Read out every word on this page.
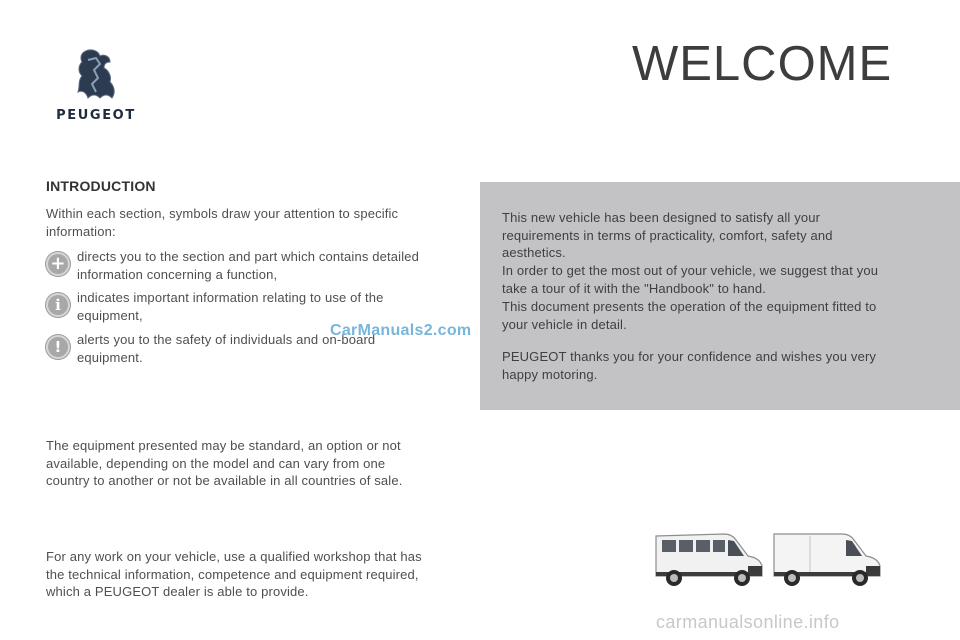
PEUGEOT
WELCOME
INTRODUCTION
Within each section, symbols draw your attention to specific
information:
+ directs you to the section and part which contains detailed
information concerning a function,
i	indicates important information relating to use of the
equipment,
!	alerts you to the safety of individuals and on-board
equipment.
CarManuals2.com
The equipment presented may be standard, an option or not
available, depending on the model and can vary from one
country to another or not be available in all countries of sale.
For any work on your vehicle, use a qualified workshop that has
the technical information, competence and equipment required,
which a PEUGEOT dealer is able to provide.
This new vehicle has been designed to satisfy all your
requirements in terms of practicality, comfort, safety and
aesthetics.
In order to get the most out of your vehicle, we suggest that you
take a tour of it with the "Handbook" to hand.
This document presents the operation of the equipment fitted to
your vehicle in detail.
PEUGEOT thanks you for your confidence and wishes you very
happy motoring.
carmanualsonline.info
